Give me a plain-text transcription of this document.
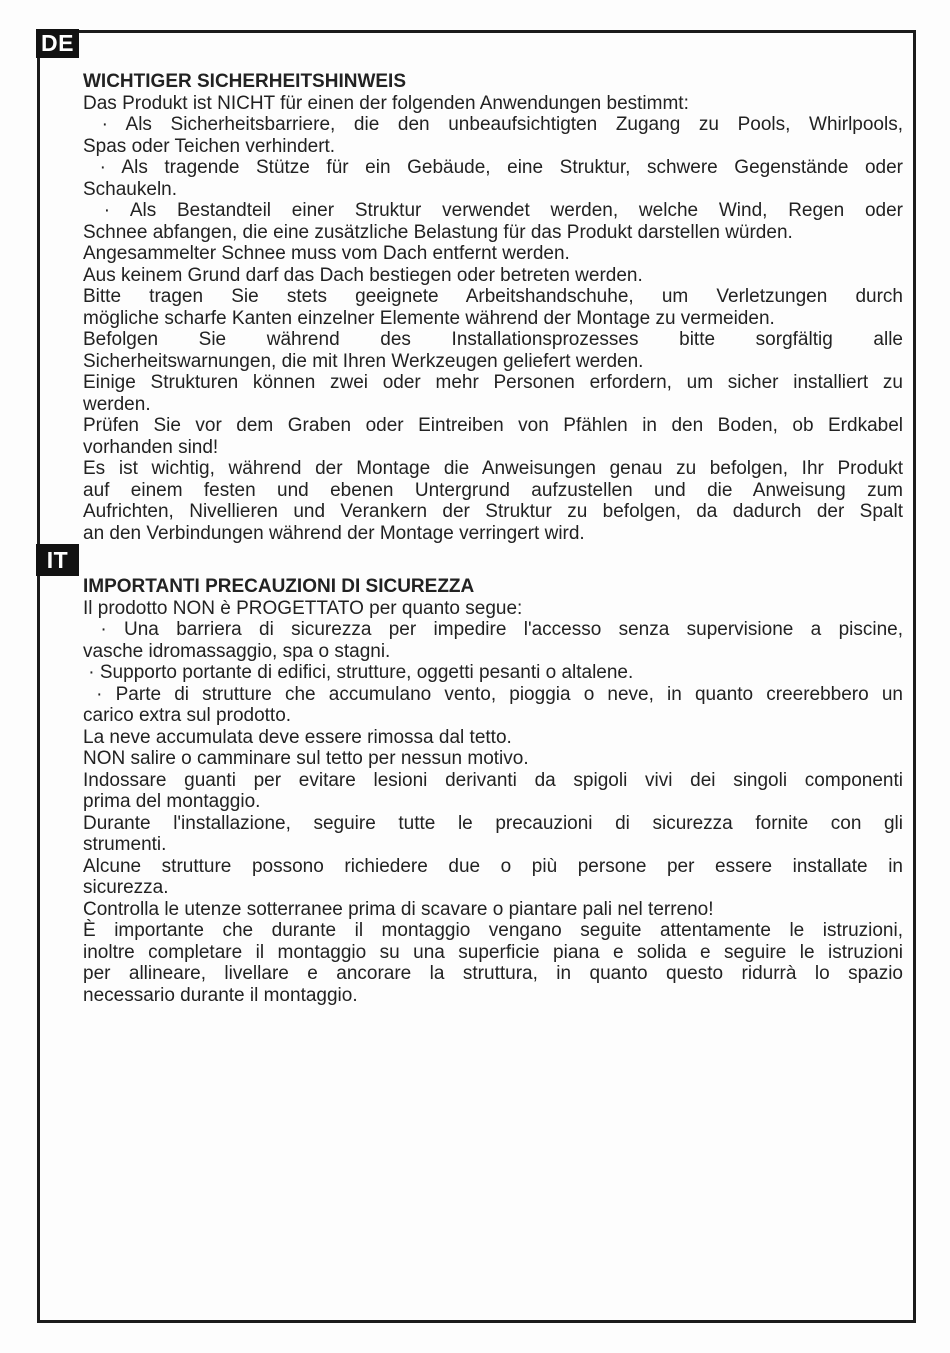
DE
WICHTIGER SICHERHEITSHINWEIS
Das Produkt ist NICHT für einen der folgenden Anwendungen bestimmt:
· Als Sicherheitsbarriere, die den unbeaufsichtigten Zugang zu Pools, Whirlpools,
Spas oder Teichen verhindert.
· Als tragende Stütze für ein Gebäude, eine Struktur, schwere Gegenstände oder
Schaukeln.
· Als Bestandteil einer Struktur verwendet werden, welche Wind, Regen oder
Schnee abfangen, die eine zusätzliche Belastung für das Produkt darstellen würden.
Angesammelter Schnee muss vom Dach entfernt werden.
Aus keinem Grund darf das Dach bestiegen oder betreten werden.
Bitte tragen Sie stets geeignete Arbeitshandschuhe, um Verletzungen durch
mögliche scharfe Kanten einzelner Elemente während der Montage zu vermeiden.
Befolgen Sie während des Installationsprozesses bitte sorgfältig alle
Sicherheitswarnungen, die mit Ihren Werkzeugen geliefert werden.
Einige Strukturen können zwei oder mehr Personen erfordern, um sicher installiert zu
werden.
Prüfen Sie vor dem Graben oder Eintreiben von Pfählen in den Boden, ob Erdkabel
vorhanden sind!
Es ist wichtig, während der Montage die Anweisungen genau zu befolgen, Ihr Produkt
auf einem festen und ebenen Untergrund aufzustellen und die Anweisung zum
Aufrichten, Nivellieren und Verankern der Struktur zu befolgen, da dadurch der Spalt
an den Verbindungen während der Montage verringert wird.
IT
IMPORTANTI PRECAUZIONI DI SICUREZZA
Il prodotto NON è PROGETTATO per quanto segue:
· Una barriera di sicurezza per impedire l'accesso senza supervisione a piscine,
vasche idromassaggio, spa o stagni.
· Supporto portante di edifici, strutture, oggetti pesanti o altalene.
· Parte di strutture che accumulano vento, pioggia o neve, in quanto creerebbero un
carico extra sul prodotto.
La neve accumulata deve essere rimossa dal tetto.
NON salire o camminare sul tetto per nessun motivo.
Indossare guanti per evitare lesioni derivanti da spigoli vivi dei singoli componenti
prima del montaggio.
Durante l'installazione, seguire tutte le precauzioni di sicurezza fornite con gli
strumenti.
Alcune strutture possono richiedere due o più persone per essere installate in
sicurezza.
Controlla le utenze sotterranee prima di scavare o piantare pali nel terreno!
È importante che durante il montaggio vengano seguite attentamente le istruzioni,
inoltre completare il montaggio su una superficie piana e solida e seguire le istruzioni
per allineare, livellare e ancorare la struttura, in quanto questo ridurrà lo spazio
necessario durante il montaggio.
